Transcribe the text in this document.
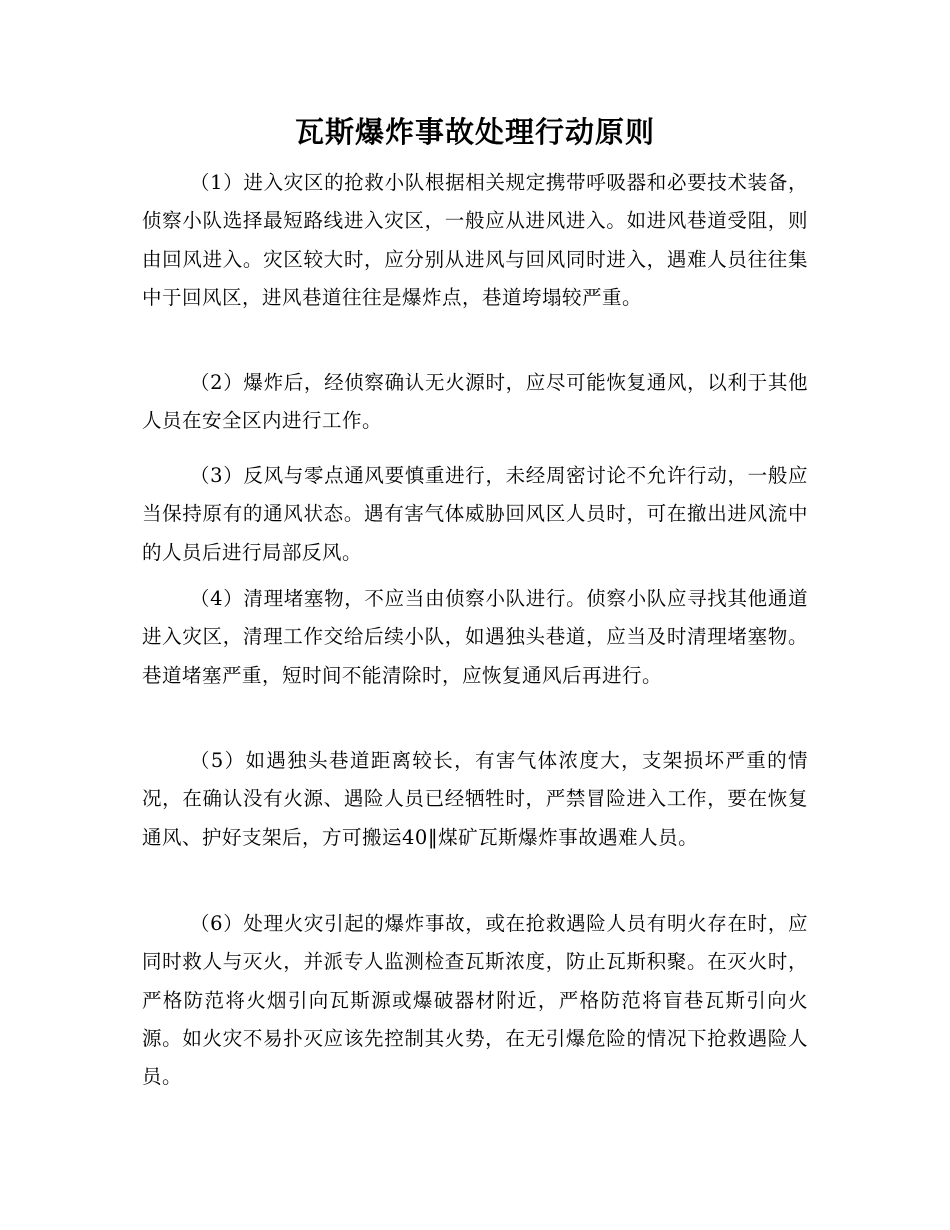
瓦斯爆炸事故处理行动原则

（1）进入灾区的抢救小队根据相关规定携带呼吸器和必要技术装备，侦察小队选择最短路线进入灾区，一般应从进风进入。如进风巷道受阻，则由回风进入。灾区较大时，应分别从进风与回风同时进入，遇难人员往往集中于回风区，进风巷道往往是爆炸点，巷道垮塌较严重。

（2）爆炸后，经侦察确认无火源时，应尽可能恢复通风，以利于其他人员在安全区内进行工作。

（3）反风与零点通风要慎重进行，未经周密讨论不允许行动，一般应当保持原有的通风状态。遇有害气体威胁回风区人员时，可在撤出进风流中的人员后进行局部反风。

（4）清理堵塞物，不应当由侦察小队进行。侦察小队应寻找其他通道进入灾区，清理工作交给后续小队，如遇独头巷道，应当及时清理堵塞物。巷道堵塞严重，短时间不能清除时，应恢复通风后再进行。

（5）如遇独头巷道距离较长，有害气体浓度大，支架损坏严重的情况，在确认没有火源、遇险人员已经牺牲时，严禁冒险进入工作，要在恢复通风、护好支架后，方可搬运40‖煤矿瓦斯爆炸事故遇难人员。

（6）处理火灾引起的爆炸事故，或在抢救遇险人员有明火存在时，应同时救人与灭火，并派专人监测检查瓦斯浓度，防止瓦斯积聚。在灭火时，严格防范将火烟引向瓦斯源或爆破器材附近，严格防范将盲巷瓦斯引向火源。如火灾不易扑灭应该先控制其火势，在无引爆危险的情况下抢救遇险人员。
